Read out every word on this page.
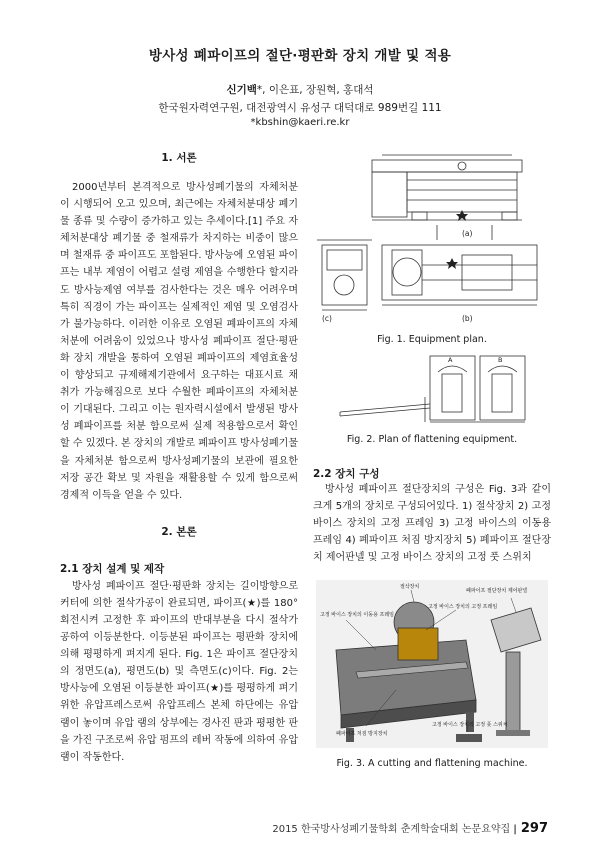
방사성 폐파이프의 절단·평판화 장치 개발 및 적용
신기백*, 이은표, 장원혁, 홍대석
한국원자력연구원, 대전광역시 유성구 대덕대로 989번길 111
*kbshin@kaeri.re.kr

1. 서론

2000년부터 본격적으로 방사성폐기물의 자체처분이 시행되어 오고 있으며, 최근에는 자체처분대상 폐기물 종류 및 수량이 증가하고 있는 추세이다.[1] 주요 자체처분대상 폐기물 중 철재류가 차지하는 비중이 많으며 철재류 중 파이프도 포함된다. 방사능에 오염된 파이프는 내부 제염이 어렵고 설령 제염을 수행한다 할지라도 방사능제염 여부를 검사한다는 것은 매우 어려우며 특히 직경이 가는 파이프는 실제적인 제염 및 오염검사가 불가능하다. 이러한 이유로 오염된 폐파이프의 자체처분에 어려움이 있었으나 방사성 폐파이프 절단·평판화 장치 개발을 통하여 오염된 폐파이프의 제염효율성이 향상되고 규제해제기관에서 요구하는 대표시료 채취가 가능해짐으로 보다 수월한 폐파이프의 자체처분이 기대된다. 그리고 이는 원자력시설에서 발생된 방사성 폐파이프를 처분 함으로써 실제 적용함으로서 확인할 수 있겠다. 본 장치의 개발로 폐파이프 방사성폐기물을 자체처분 함으로써 방사성폐기물의 보관에 필요한 저장 공간 확보 및 자원을 재활용할 수 있게 함으로써 경제적 이득을 얻을 수 있다.

2. 본론

2.1 장치 설계 및 제작

방사성 폐파이프 절단·평판화 장치는 길이방향으로 커터에 의한 절삭가공이 완료되면, 파이프(★)를 180° 회전시켜 고정한 후 파이프의 반대부분을 다시 절삭가공하여 이등분한다. 이등분된 파이프는 평판화 장치에 의해 평평하게 펴지게 된다. Fig. 1은 파이프 절단장치의 정면도(a), 평면도(b) 및 측면도(c)이다. Fig. 2는 방사능에 오염된 이등분한 파이프(★)를 평평하게 펴기 위한 유압프레스로써 유압프레스 본체 하단에는 유압 램이 놓이며 유압 램의 상부에는 경사진 판과 평평한 판을 가진 구조로써 유압 펌프의 레버 작동에 의하여 유압 램이 작동한다.

(a)
(b)
(c)
Fig. 1. Equipment plan.
A	B
Fig. 2. Plan of flattening equipment.

2.2 장치 구성

방사성 폐파이프 절단장치의 구성은 Fig. 3과 같이 크게 5개의 장치로 구성되어있다. 1) 절삭장치 2) 고정바이스 장치의 고정 프레임 3) 고정 바이스의 이동용 프레임 4) 폐파이프 처짐 방지장치 5) 폐파이프 절단장치 제어판넬 및 고정 바이스 장치의 고정 풋 스위치

절삭장치
고정 바이스 장치의 이동용 프레임
고정 바이스 장치의 고정 프레임
폐파이프 절단장치 제어판넬
폐파이프 처짐 방지장치
고정 바이스 장치의 고정 풋 스위치
Fig. 3. A cutting and flattening machine.
2015 한국방사성폐기물학회 춘계학술대회 논문요약집 | 297
